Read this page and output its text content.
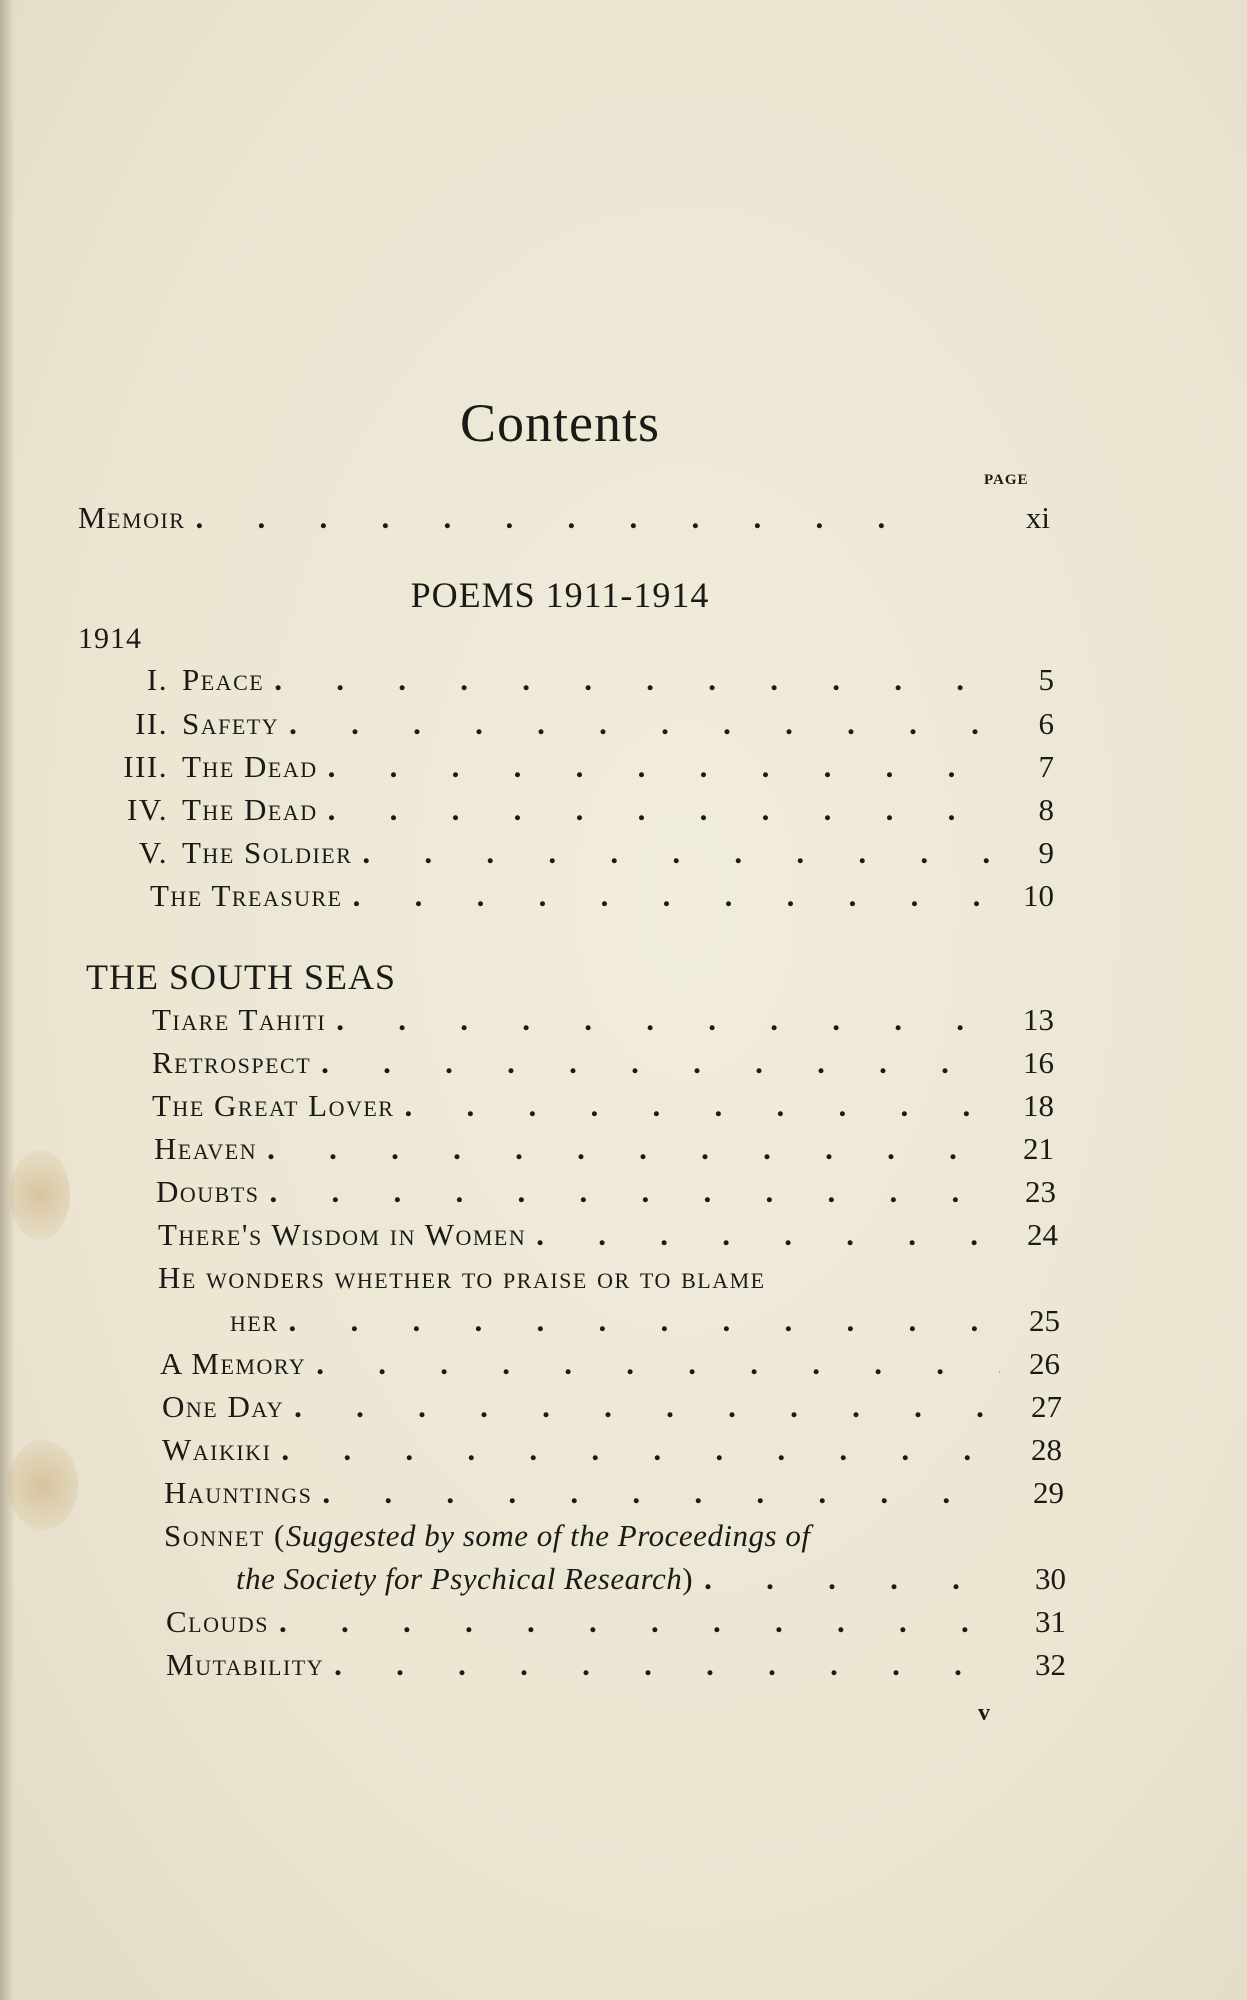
Contents
PAGE
Memoir .	xi
POEMS 1911-1914
1914
I. Peace .	5
II. Safety .	6
III. The Dead .	7
IV. The Dead .	8
V. The Soldier .	9
The Treasure .	10
THE SOUTH SEAS
Tiare Tahiti .	13
Retrospect .	16
The Great Lover .	18
Heaven .	21
Doubts .	23
There's Wisdom in Women .	24
He wonders whether to praise or to blame
her .	25
A Memory .	26
One Day .	27
Waikiki .	28
Hauntings .	29
Sonnet ( Suggested by some of the Proceedings of
the Society for Psychical Research ) .	30
Clouds .	31
Mutability .	32
v
